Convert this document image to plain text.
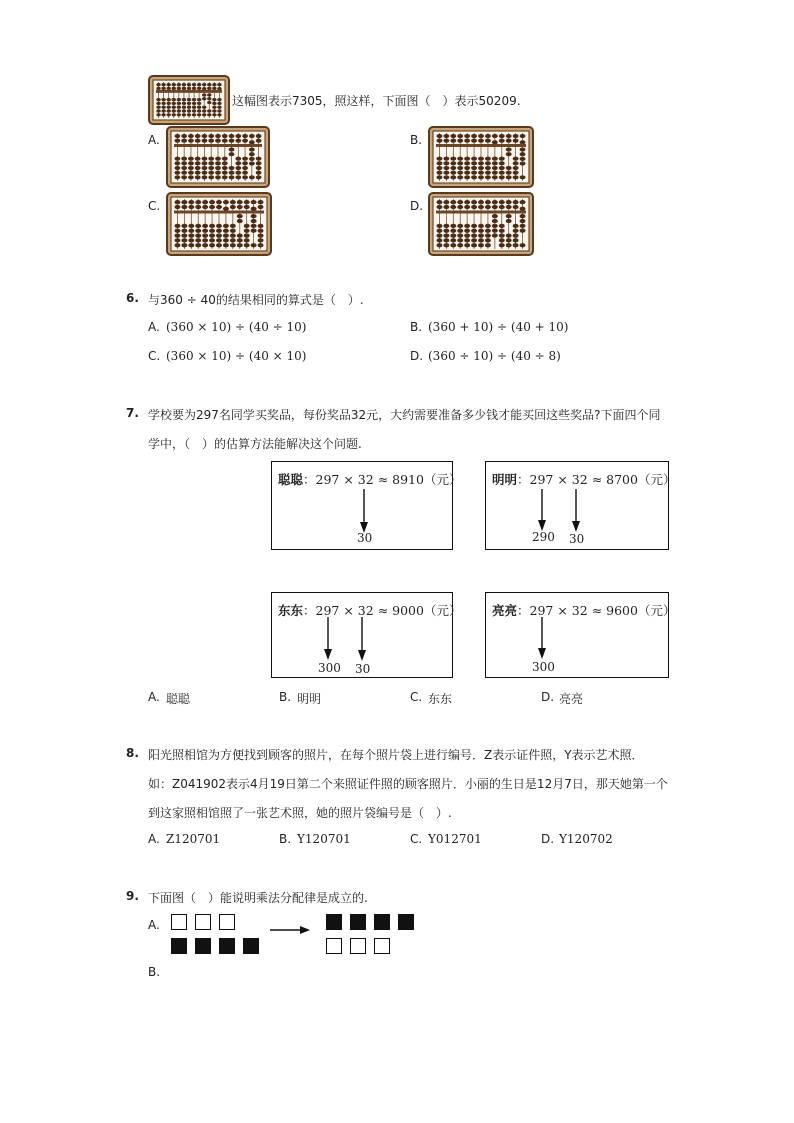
这幅图表示7305，照这样，下面图（　）表示50209.
A.	B.
C.	D.
6. 与360 ÷ 40的结果相同的算式是（　）.
A. (360 × 10) ÷ (40 ÷ 10)	B. (360 + 10) ÷ (40 + 10)
C. (360 × 10) ÷ (40 × 10)	D. (360 ÷ 10) ÷ (40 ÷ 8)
7. 学校要为297名同学买奖品，每份奖品32元，大约需要准备多少钱才能买回这些奖品?下面四个同
学中，（　）的估算方法能解决这个问题.
聪聪：297 × 32 ≈ 8910（元）
30
明明：297 × 32 ≈ 8700（元）
290 30
东东：297 × 32 ≈ 9000（元）
300 30
亮亮：297 × 32 ≈ 9600（元）
300
A. 聪聪	B. 明明	C. 东东	D. 亮亮
8. 阳光照相馆为方便找到顾客的照片，在每个照片袋上进行编号．Z表示证件照，Y表示艺术照．
如：Z041902表示4月19日第二个来照证件照的顾客照片．小丽的生日是12月7日，那天她第一个
到这家照相馆照了一张艺术照，她的照片袋编号是（　）.
A. Z120701	B. Y120701	C. Y012701	D. Y120702
9. 下面图（　）能说明乘法分配律是成立的.
A.
B.
